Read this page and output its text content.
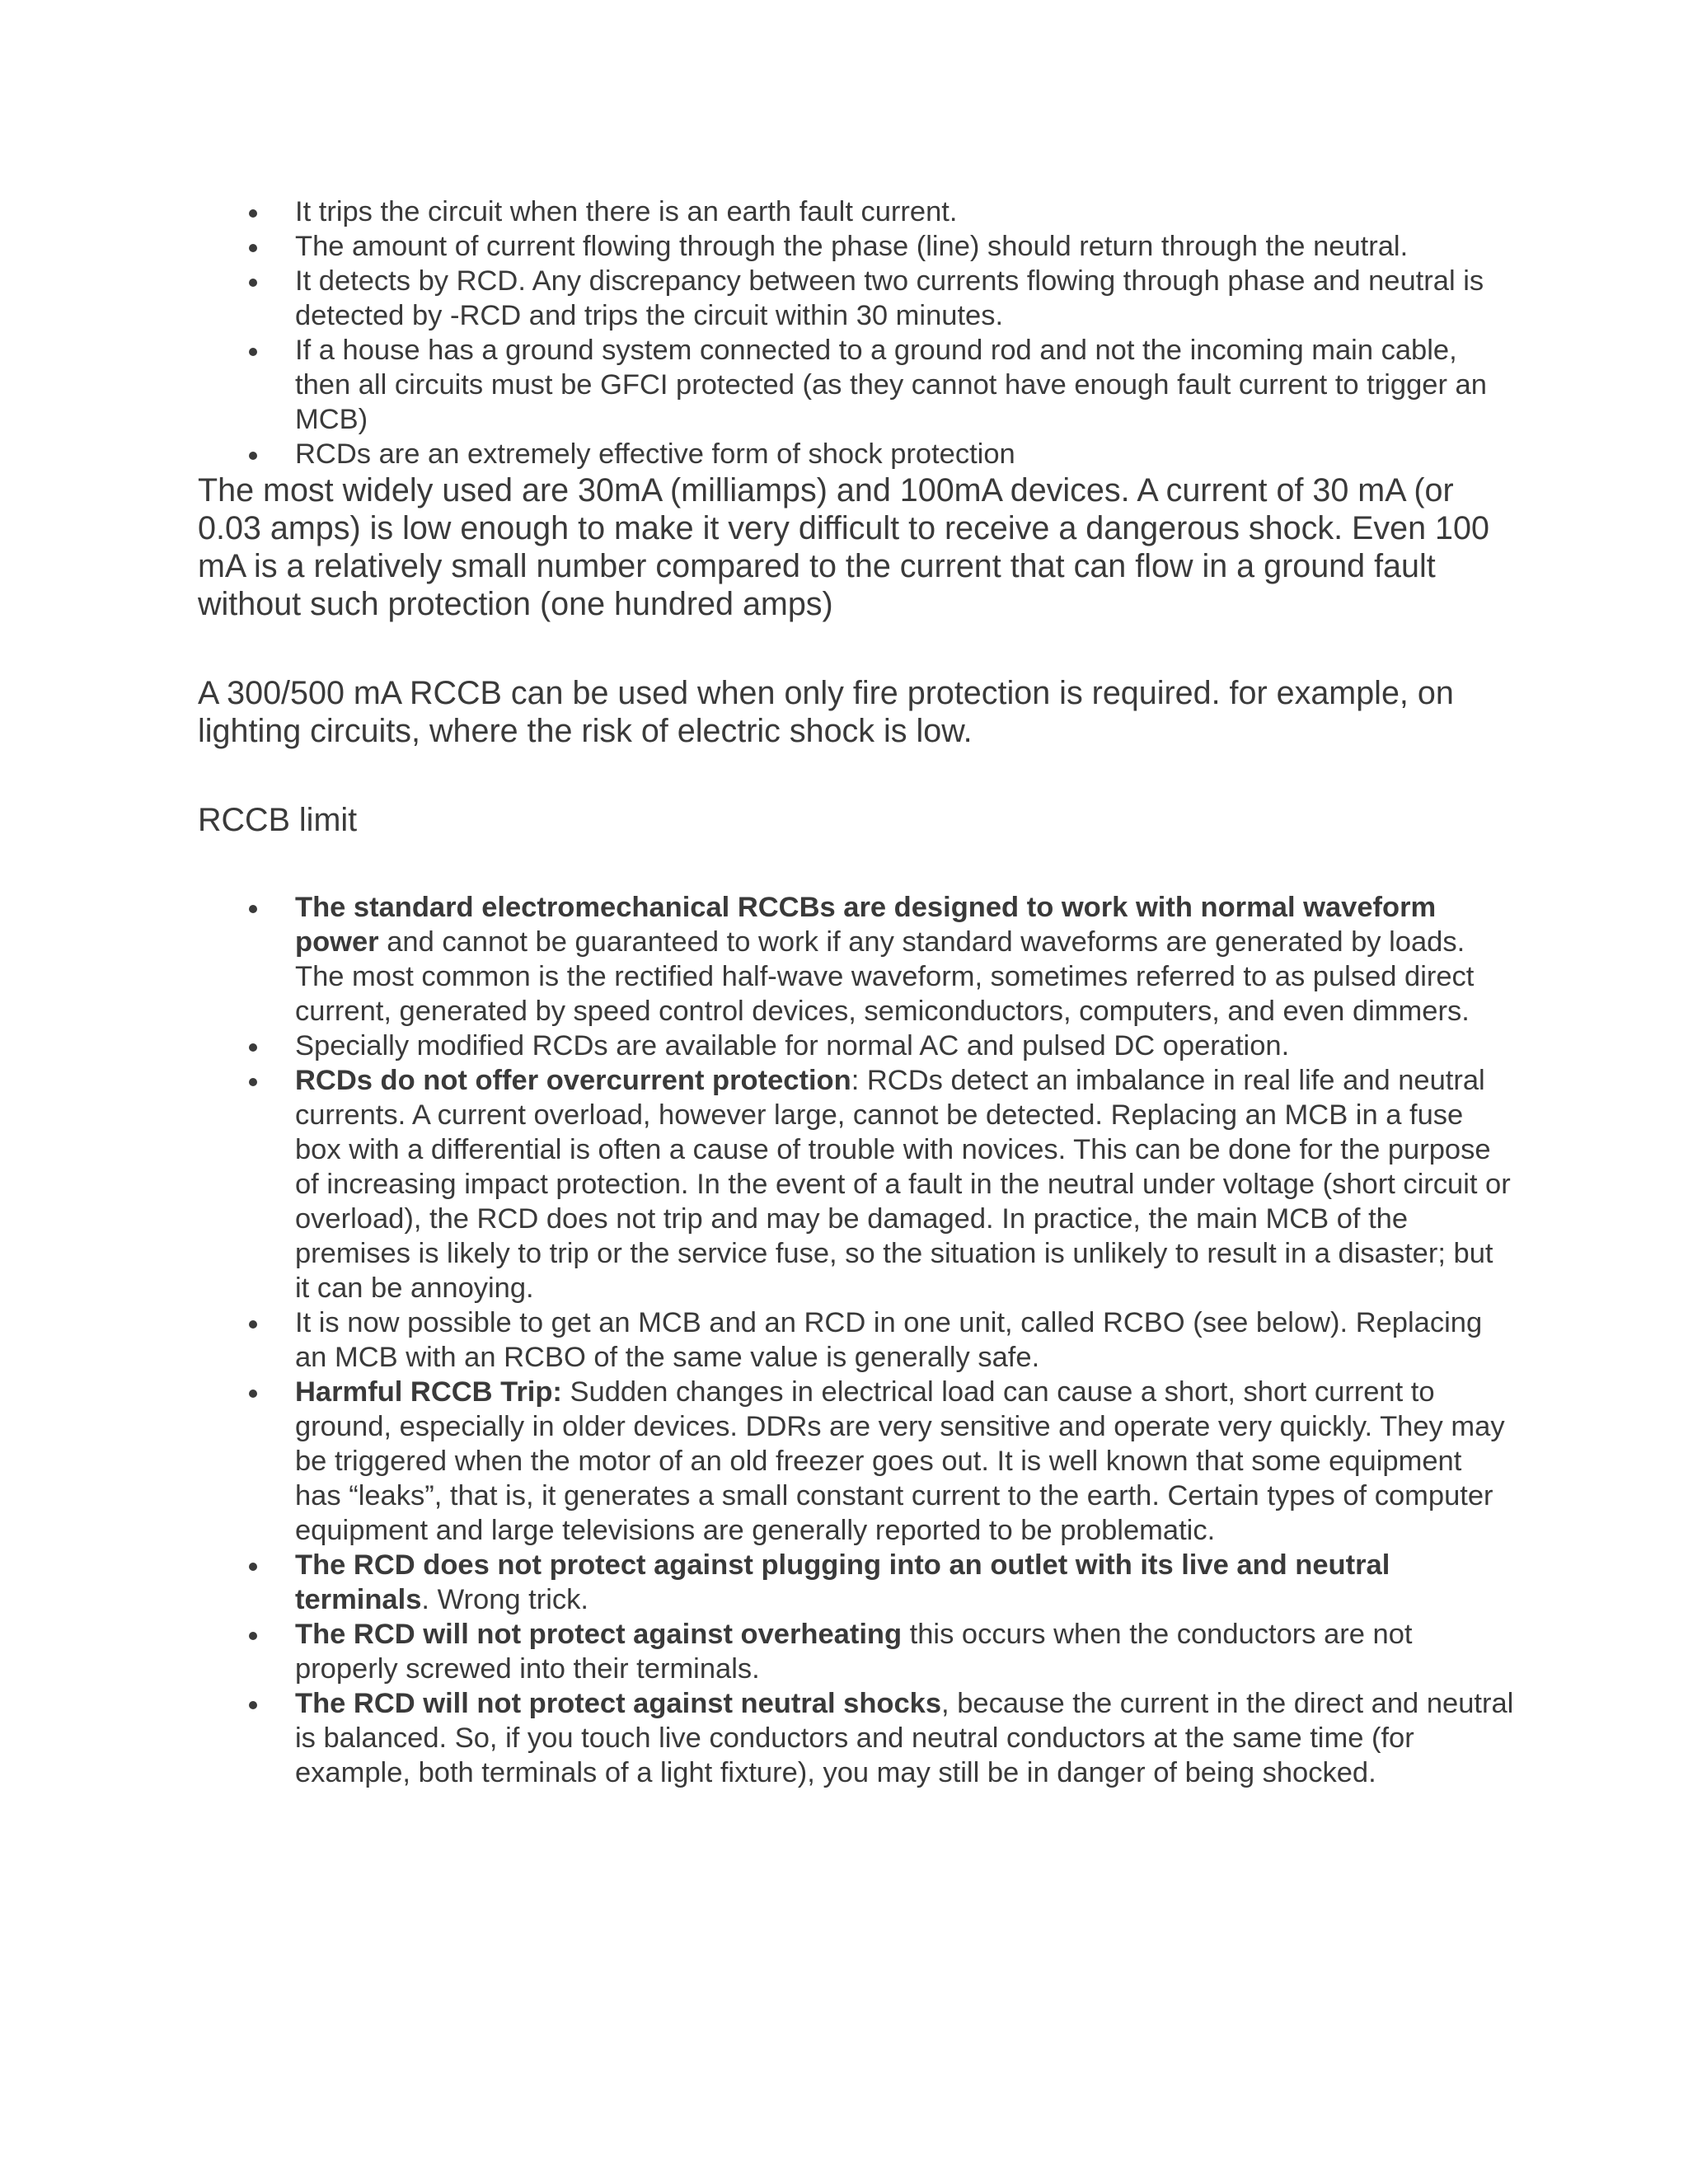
It trips the circuit when there is an earth fault current.
The amount of current flowing through the phase (line) should return through the neutral.
It detects by RCD. Any discrepancy between two currents flowing through phase and neutral is detected by -RCD and trips the circuit within 30 minutes.
If a house has a ground system connected to a ground rod and not the incoming main cable, then all circuits must be GFCI protected (as they cannot have enough fault current to trigger an MCB)
RCDs are an extremely effective form of shock protection

The most widely used are 30mA (milliamps) and 100mA devices. A current of 30 mA (or 0.03 amps) is low enough to make it very difficult to receive a dangerous shock. Even 100 mA is a relatively small number compared to the current that can flow in a ground fault without such protection (one hundred amps)

A 300/500 mA RCCB can be used when only fire protection is required. for example, on lighting circuits, where the risk of electric shock is low.

RCCB limit

The standard electromechanical RCCBs are designed to work with normal waveform power and cannot be guaranteed to work if any standard waveforms are generated by loads. The most common is the rectified half-wave waveform, sometimes referred to as pulsed direct current, generated by speed control devices, semiconductors, computers, and even dimmers.
Specially modified RCDs are available for normal AC and pulsed DC operation.
RCDs do not offer overcurrent protection: RCDs detect an imbalance in real life and neutral currents. A current overload, however large, cannot be detected. Replacing an MCB in a fuse box with a differential is often a cause of trouble with novices. This can be done for the purpose of increasing impact protection. In the event of a fault in the neutral under voltage (short circuit or overload), the RCD does not trip and may be damaged. In practice, the main MCB of the premises is likely to trip or the service fuse, so the situation is unlikely to result in a disaster; but it can be annoying.
It is now possible to get an MCB and an RCD in one unit, called RCBO (see below). Replacing an MCB with an RCBO of the same value is generally safe.
Harmful RCCB Trip: Sudden changes in electrical load can cause a short, short current to ground, especially in older devices. DDRs are very sensitive and operate very quickly. They may be triggered when the motor of an old freezer goes out. It is well known that some equipment has “leaks”, that is, it generates a small constant current to the earth. Certain types of computer equipment and large televisions are generally reported to be problematic.
The RCD does not protect against plugging into an outlet with its live and neutral terminals. Wrong trick.
The RCD will not protect against overheating this occurs when the conductors are not properly screwed into their terminals.
The RCD will not protect against neutral shocks, because the current in the direct and neutral is balanced. So, if you touch live conductors and neutral conductors at the same time (for example, both terminals of a light fixture), you may still be in danger of being shocked.
